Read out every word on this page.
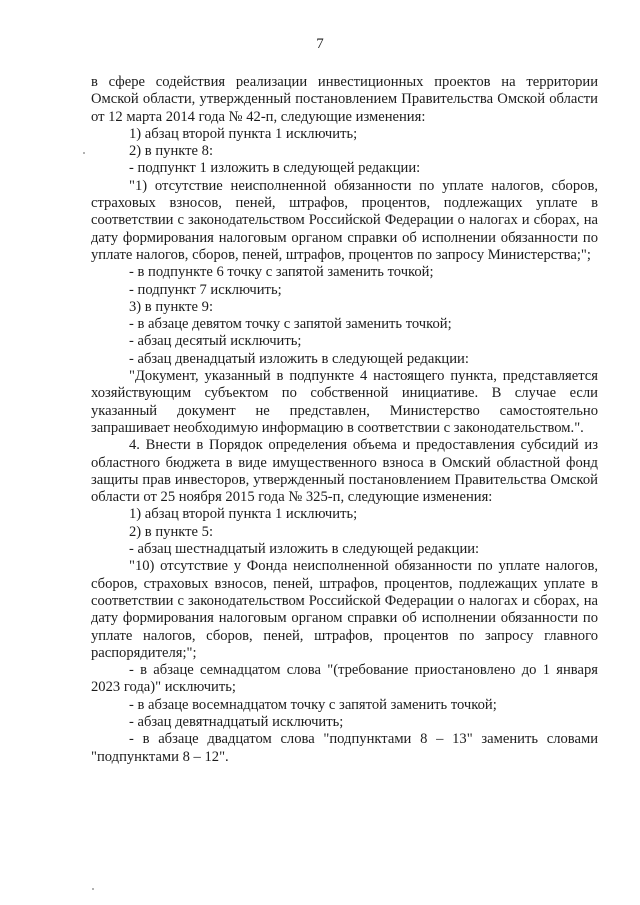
7

в сфере содействия реализации инвестиционных проектов на территории Омской области, утвержденный постановлением Правительства Омской области от 12 марта 2014 года № 42-п, следующие изменения:

1) абзац второй пункта 1 исключить;

2) в пункте 8:

- подпункт 1 изложить в следующей редакции:

"1) отсутствие неисполненной обязанности по уплате налогов, сборов, страховых взносов, пеней, штрафов, процентов, подлежащих уплате в соответствии с законодательством Российской Федерации о налогах и сборах, на дату формирования налоговым органом справки об исполнении обязанности по уплате налогов, сборов, пеней, штрафов, процентов по запросу Министерства;";

- в подпункте 6 точку с запятой заменить точкой;

- подпункт 7 исключить;

3) в пункте 9:

- в абзаце девятом точку с запятой заменить точкой;

- абзац десятый исключить;

- абзац двенадцатый изложить в следующей редакции:

"Документ, указанный в подпункте 4 настоящего пункта, представляется хозяйствующим субъектом по собственной инициативе. В случае если указанный документ не представлен, Министерство самостоятельно запрашивает необходимую информацию в соответствии с законодательством.".

4. Внести в Порядок определения объема и предоставления субсидий из областного бюджета в виде имущественного взноса в Омский областной фонд защиты прав инвесторов, утвержденный постановлением Правительства Омской области от 25 ноября 2015 года № 325-п, следующие изменения:

1) абзац второй пункта 1 исключить;

2) в пункте 5:

- абзац шестнадцатый изложить в следующей редакции:

"10) отсутствие у Фонда неисполненной обязанности по уплате налогов, сборов, страховых взносов, пеней, штрафов, процентов, подлежащих уплате в соответствии с законодательством Российской Федерации о налогах и сборах, на дату формирования налоговым органом справки об исполнении обязанности по уплате налогов, сборов, пеней, штрафов, процентов по запросу главного распорядителя;";

- в абзаце семнадцатом слова "(требование приостановлено до 1 января 2023 года)" исключить;

- в абзаце восемнадцатом точку с запятой заменить точкой;

- абзац девятнадцатый исключить;

- в абзаце двадцатом слова "подпунктами 8 – 13" заменить словами "подпунктами 8 – 12".
